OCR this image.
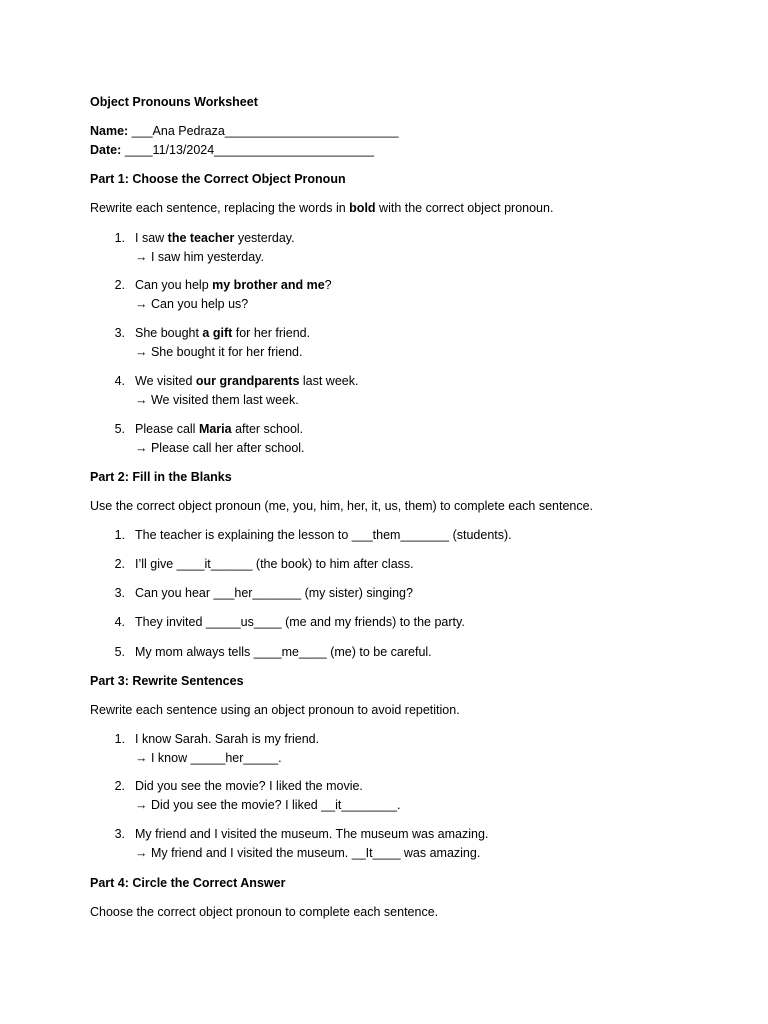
Object Pronouns Worksheet
Name: ___Ana Pedraza_________________________
Date: ____11/13/2024_______________________
Part 1: Choose the Correct Object Pronoun
Rewrite each sentence, replacing the words in bold with the correct object pronoun.
1. I saw the teacher yesterday.
→ I saw him yesterday.
2. Can you help my brother and me?
→ Can you help us?
3. She bought a gift for her friend.
→ She bought it for her friend.
4. We visited our grandparents last week.
→ We visited them last week.
5. Please call Maria after school.
→ Please call her after school.
Part 2: Fill in the Blanks
Use the correct object pronoun (me, you, him, her, it, us, them) to complete each sentence.
1. The teacher is explaining the lesson to ___them_______ (students).
2. I’ll give ____it______ (the book) to him after class.
3. Can you hear ___her_______ (my sister) singing?
4. They invited _____us____ (me and my friends) to the party.
5. My mom always tells ____me____ (me) to be careful.
Part 3: Rewrite Sentences
Rewrite each sentence using an object pronoun to avoid repetition.
1. I know Sarah. Sarah is my friend.
→ I know _____her_____.
2. Did you see the movie? I liked the movie.
→ Did you see the movie? I liked __it________.
3. My friend and I visited the museum. The museum was amazing.
→ My friend and I visited the museum. __It____ was amazing.
Part 4: Circle the Correct Answer
Choose the correct object pronoun to complete each sentence.
